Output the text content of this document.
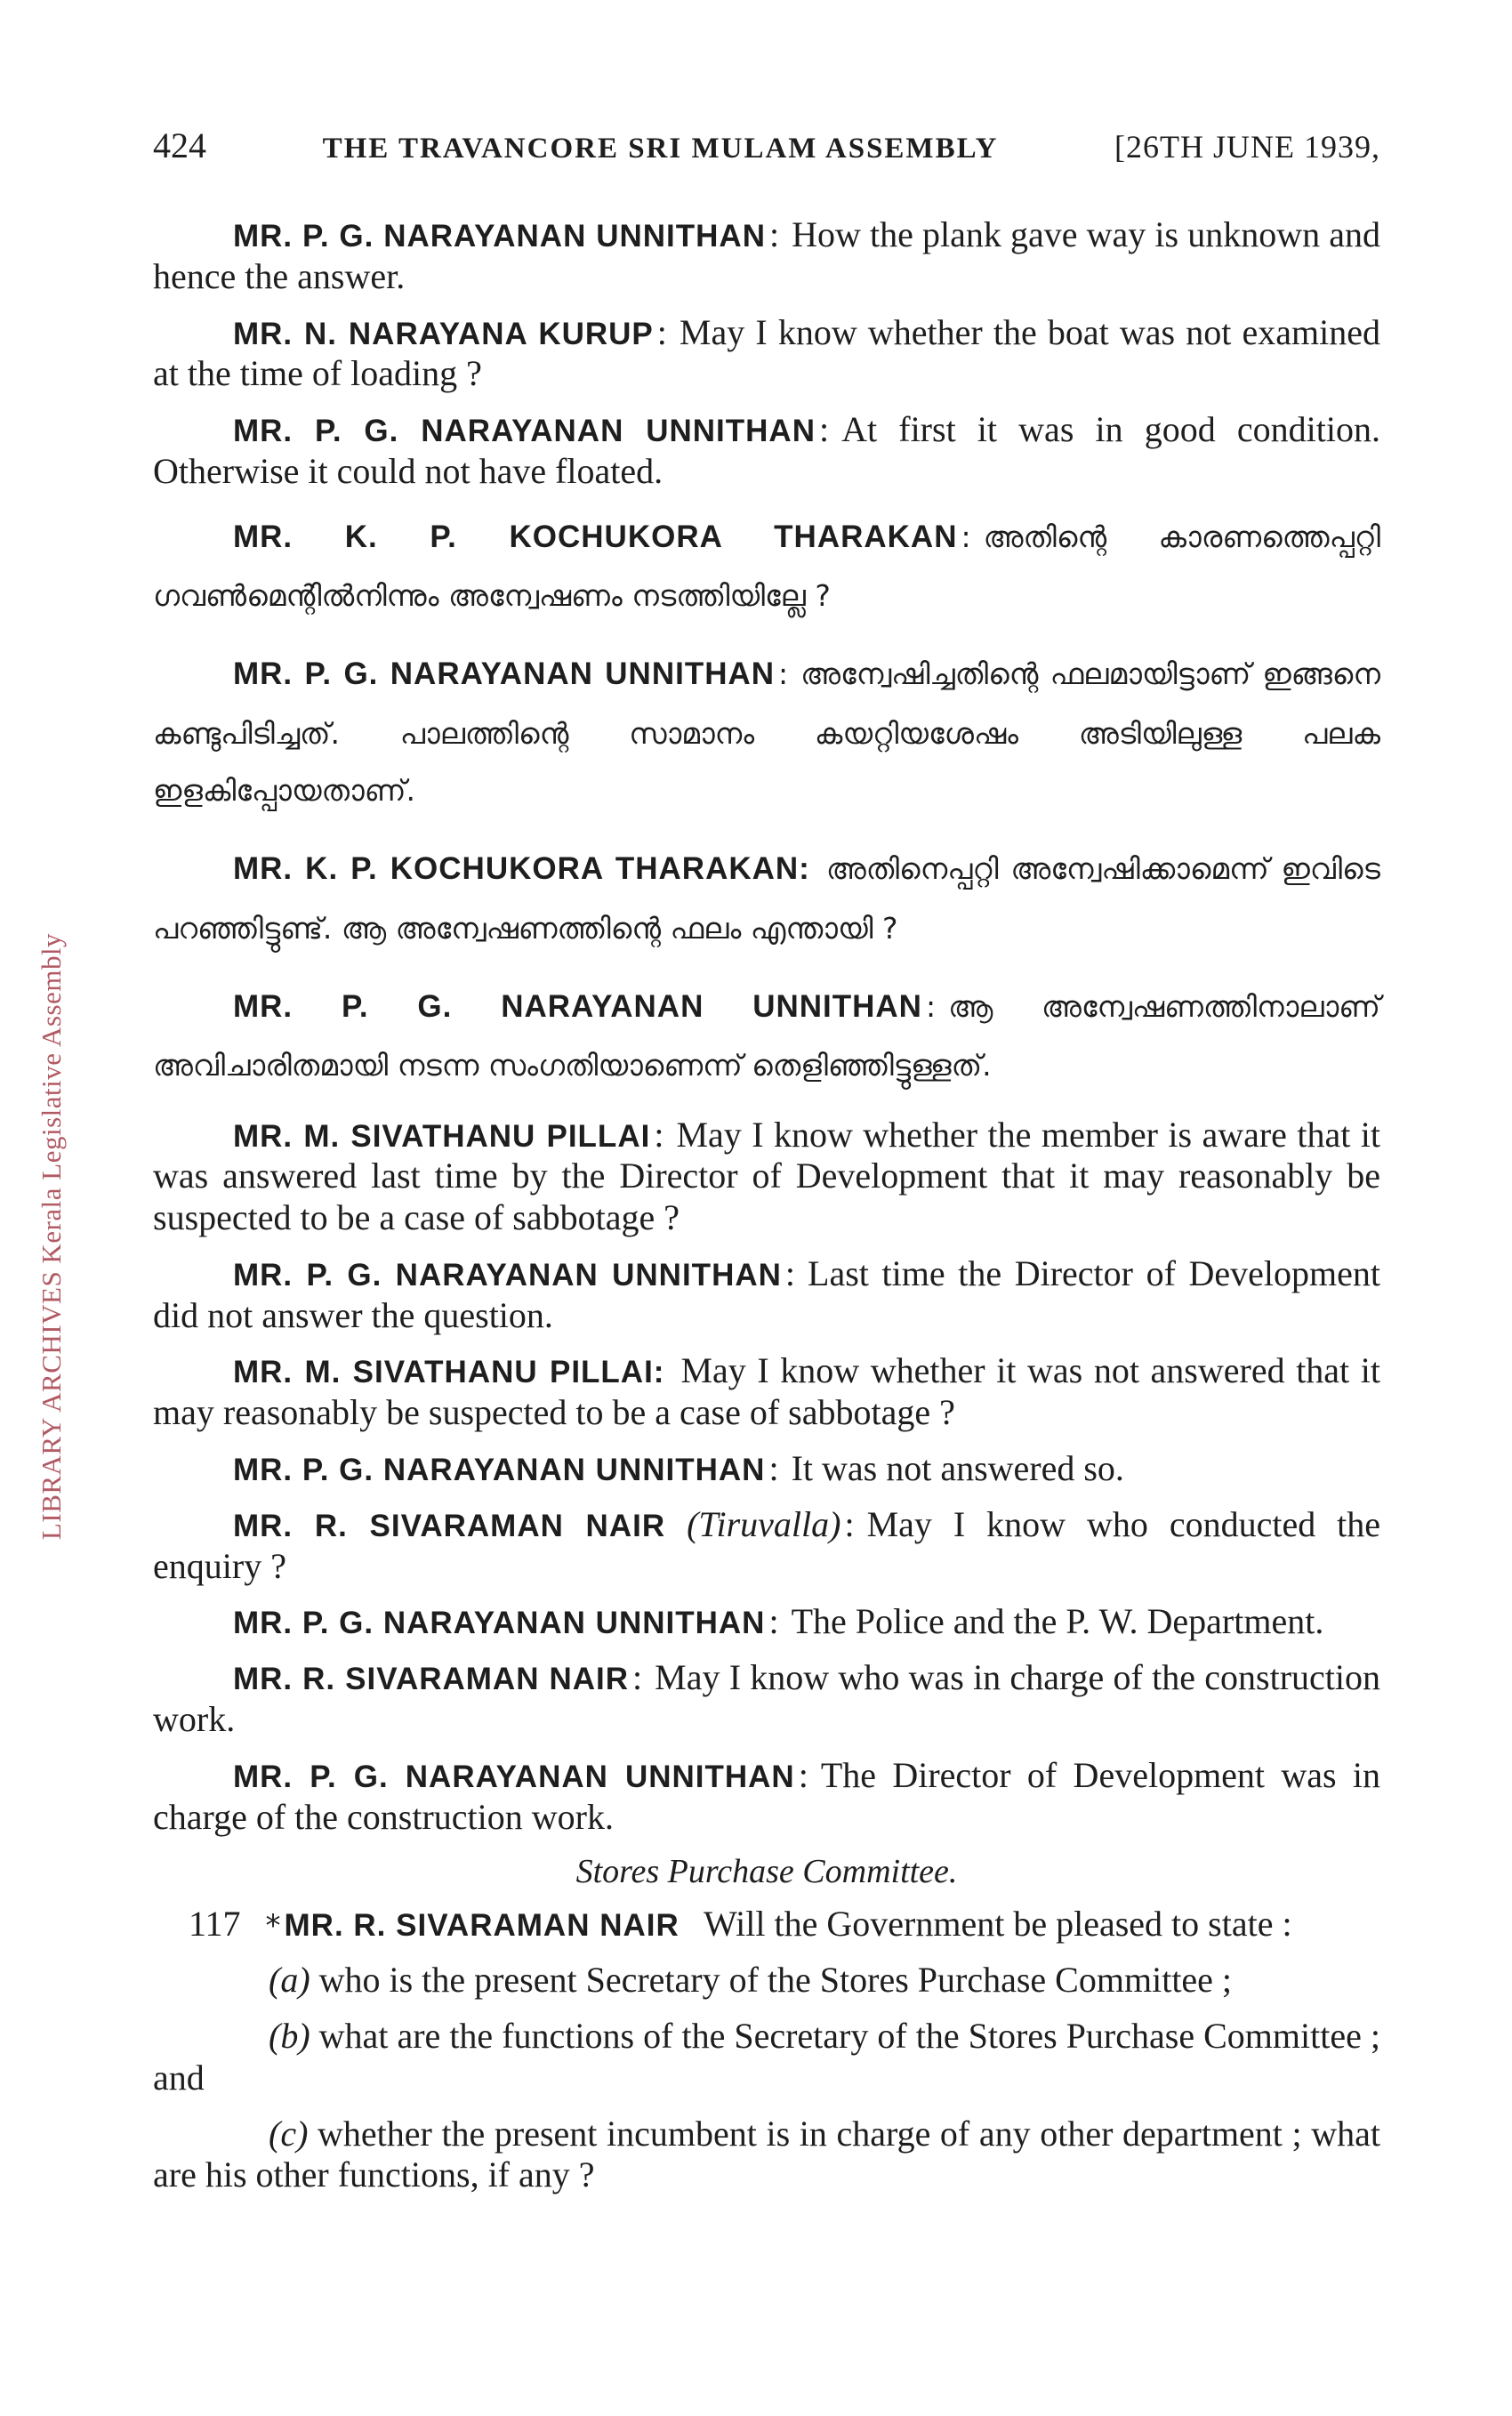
LIBRARY ARCHIVES Kerala Legislative Assembly
424	THE TRAVANCORE SRI MULAM ASSEMBLY	[26TH JUNE 1939,

MR. P. G. NARAYANAN UNNITHAN : How the plank gave way is unknown and hence the answer.

MR. N. NARAYANA KURUP : May I know whether the boat was not examined at the time of loading ?

MR. P. G. NARAYANAN UNNITHAN : At first it was in good condition. Otherwise it could not have floated.

MR. K. P. KOCHUKORA THARAKAN : അതിന്റെ കാരണത്തെപ്പറ്റി ഗവൺമെന്റിൽനിന്നും അന്വേഷണം നടത്തിയില്ലേ ?

MR. P. G. NARAYANAN UNNITHAN : അന്വേഷിച്ചതിന്റെ ഫലമായിട്ടാണ് ഇങ്ങനെ കണ്ടുപിടിച്ചത്. പാലത്തിന്റെ സാമാനം കയറ്റിയശേഷം അടിയിലുള്ള പലക ഇളകിപ്പോയതാണ്.

MR. K. P. KOCHUKORA THARAKAN: അതിനെപ്പറ്റി അന്വേഷിക്കാമെന്ന് ഇവിടെ പറഞ്ഞിട്ടുണ്ട്. ആ അന്വേഷണത്തിന്റെ ഫലം എന്തായി ?

MR. P. G. NARAYANAN UNNITHAN : ആ അന്വേഷണത്തിനാലാണ് അവിചാരിതമായി നടന്ന സംഗതിയാണെന്ന് തെളിഞ്ഞിട്ടുള്ളത്.

MR. M. SIVATHANU PILLAI : May I know whether the member is aware that it was answered last time by the Director of Development that it may reasonably be suspected to be a case of sabbotage ?

MR. P. G. NARAYANAN UNNITHAN : Last time the Director of Development did not answer the question.

MR. M. SIVATHANU PILLAI: May I know whether it was not answered that it may reasonably be suspected to be a case of sabbotage ?

MR. P. G. NARAYANAN UNNITHAN : It was not answered so.

MR. R. SIVARAMAN NAIR (Tiruvalla) : May I know who conducted the enquiry ?

MR. P. G. NARAYANAN UNNITHAN : The Police and the P. W. Department.

MR. R. SIVARAMAN NAIR : May I know who was in charge of the construction work.

MR. P. G. NARAYANAN UNNITHAN : The Director of Development was in charge of the construction work.

Stores Purchase Committee.

117 * MR. R. SIVARAMAN NAIR Will the Government be pleased to state :

(a) who is the present Secretary of the Stores Purchase Committee ;

(b) what are the functions of the Secretary of the Stores Purchase Committee ; and

(c) whether the present incumbent is in charge of any other department ; what are his other functions, if any ?
